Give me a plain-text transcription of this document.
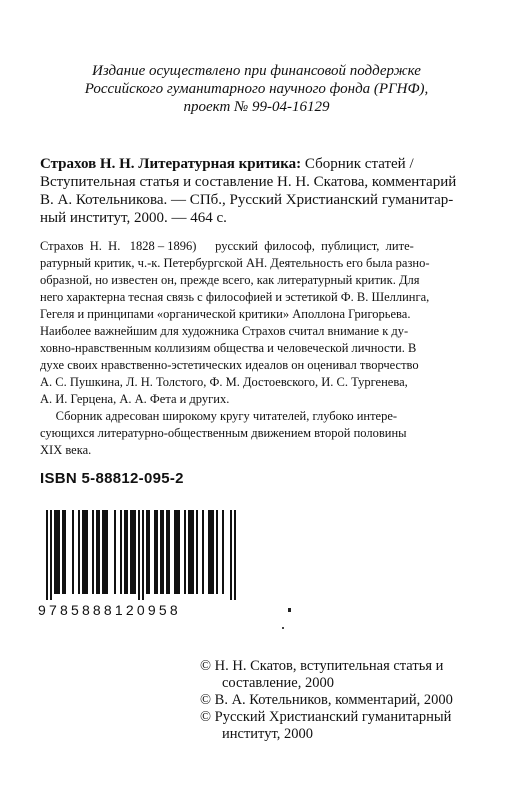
Издание осуществлено при финансовой поддержке
Российского гуманитарного научного фонда (РГНФ),
проект № 99-04-16129
Страхов Н. Н. Литературная критика: Сборник статей /
Вступительная статья и составление Н. Н. Скатова, комментарий
В. А. Котельникова. — СПб., Русский Христианский гуманитар-
ный институт, 2000. — 464 с.
Страхов  Н.  Н.   1828 – 1896)      русский  философ,  публицист,  лите-
ратурный критик, ч.-к. Петербургской АН. Деятельность его была разно-
образной, но известен он, прежде всего, как литературный критик. Для
него характерна тесная связь с философией и эстетикой Ф. В. Шеллинга,
Гегеля и принципами «органической критики» Аполлона Григорьева.
Наиболее важнейшим для художника Страхов считал внимание к ду-
ховно-нравственным коллизиям общества и человеческой личности. В
духе своих нравственно-эстетических идеалов он оценивал творчество
А. С. Пушкина, Л. Н. Толстого, Ф. М. Достоевского, И. С. Тургенева,
А. И. Герцена, А. А. Фета и других.
Сборник адресован широкому кругу читателей, глубоко интере-
сующихся литературно-общественным движением второй половины
XIX века.
ISBN 5-88812-095-2
9785888120958
© Н. Н. Скатов, вступительная статья и
составление, 2000
© В. А. Котельников, комментарий, 2000
© Русский Христианский гуманитарный
институт, 2000
